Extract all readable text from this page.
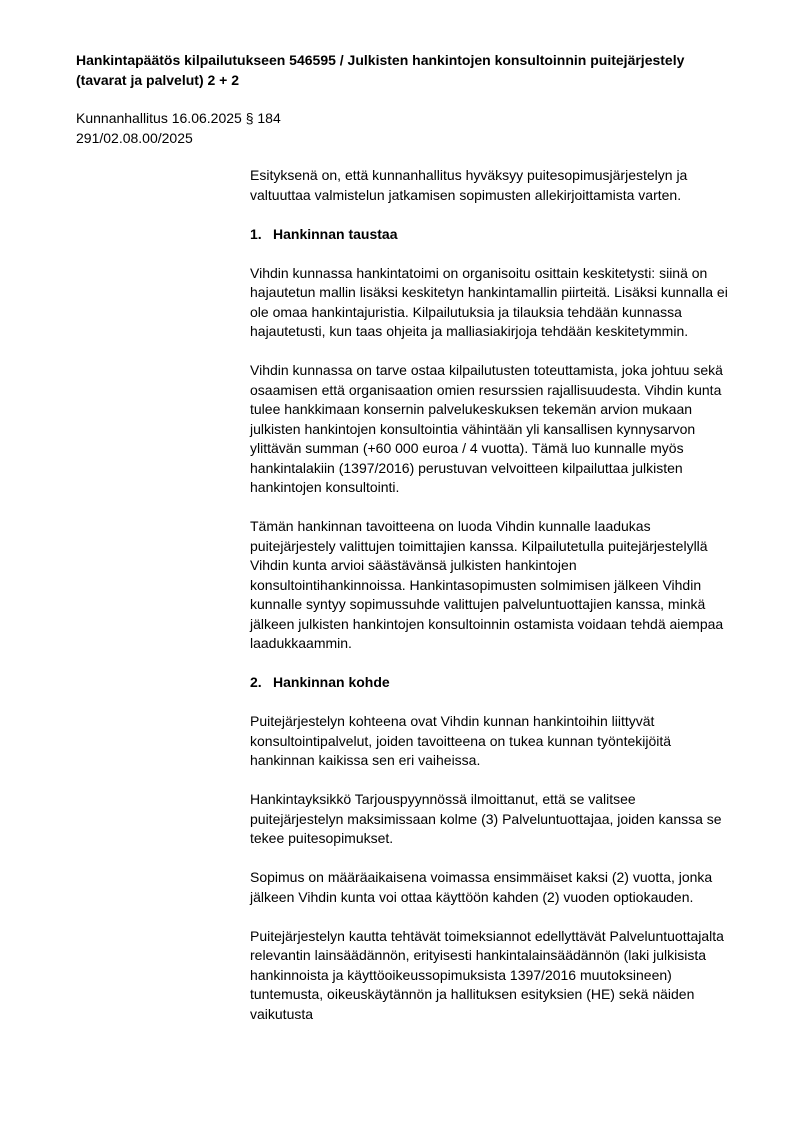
Hankintapäätös kilpailutukseen 546595 / Julkisten hankintojen konsultoinnin puitejärjestely (tavarat ja palvelut) 2 + 2
Kunnanhallitus 16.06.2025 § 184
291/02.08.00/2025

Esityksenä on, että kunnanhallitus hyväksyy puitesopimusjärjestelyn ja valtuuttaa valmistelun jatkamisen sopimusten allekirjoittamista varten.

1. Hankinnan taustaa

Vihdin kunnassa hankintatoimi on organisoitu osittain keskitetysti: siinä on hajautetun mallin lisäksi keskitetyn hankintamallin piirteitä. Lisäksi kunnalla ei ole omaa hankintajuristia. Kilpailutuksia ja tilauksia tehdään kunnassa hajautetusti, kun taas ohjeita ja malliasiakirjoja tehdään keskitetymmin.

Vihdin kunnassa on tarve ostaa kilpailutusten toteuttamista, joka johtuu sekä osaamisen että organisaation omien resurssien rajallisuudesta. Vihdin kunta tulee hankkimaan konsernin palvelukeskuksen tekemän arvion mukaan julkisten hankintojen konsultointia vähintään yli kansallisen kynnysarvon ylittävän summan (+60 000 euroa / 4 vuotta). Tämä luo kunnalle myös hankintalakiin (1397/2016) perustuvan velvoitteen kilpailuttaa julkisten hankintojen konsultointi.

Tämän hankinnan tavoitteena on luoda Vihdin kunnalle laadukas puitejärjestely valittujen toimittajien kanssa. Kilpailutetulla puitejärjestelyllä Vihdin kunta arvioi säästävänsä julkisten hankintojen konsultointihankinnoissa. Hankintasopimusten solmimisen jälkeen Vihdin kunnalle syntyy sopimussuhde valittujen palveluntuottajien kanssa, minkä jälkeen julkisten hankintojen konsultoinnin ostamista voidaan tehdä aiempaa laadukkaammin.

2. Hankinnan kohde

Puitejärjestelyn kohteena ovat Vihdin kunnan hankintoihin liittyvät konsultointipalvelut, joiden tavoitteena on tukea kunnan työntekijöitä hankinnan kaikissa sen eri vaiheissa.

Hankintayksikkö Tarjouspyynnössä ilmoittanut, että se valitsee puitejärjestelyn maksimissaan kolme (3) Palveluntuottajaa, joiden kanssa se tekee puitesopimukset.

Sopimus on määräaikaisena voimassa ensimmäiset kaksi (2) vuotta, jonka jälkeen Vihdin kunta voi ottaa käyttöön kahden (2) vuoden optiokauden.

Puitejärjestelyn kautta tehtävät toimeksiannot edellyttävät Palveluntuottajalta relevantin lainsäädännön, erityisesti hankintalainsäädännön (laki julkisista hankinnoista ja käyttöoikeussopimuksista 1397/2016 muutoksineen) tuntemusta, oikeuskäytännön ja hallituksen esityksien (HE) sekä näiden vaikutusta
